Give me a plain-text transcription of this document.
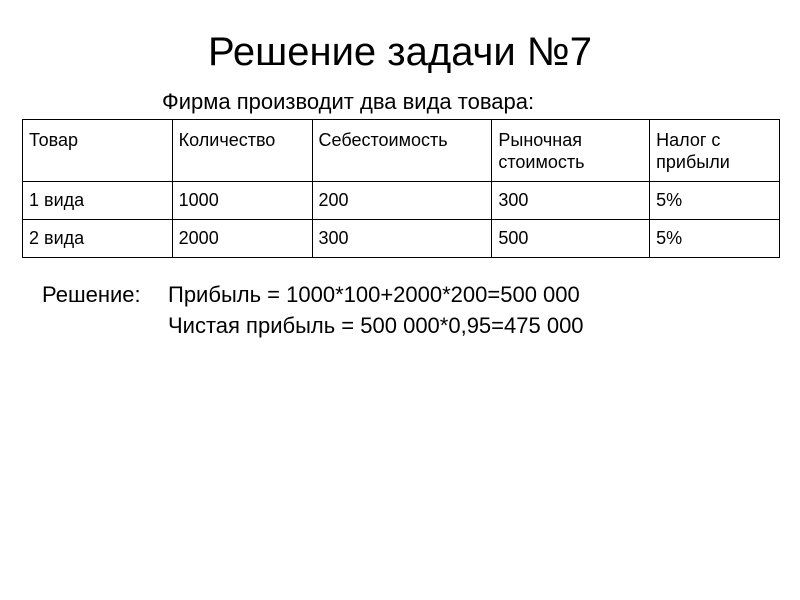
Решение задачи №7
Фирма производит два вида товара:
Товар	Количество	Себестоимость	Рыночная стоимость	Налог с прибыли
1 вида	1000	200	300	5%
2 вида	2000	300	500	5%
Решение: Прибыль = 1000*100+2000*200=500 000
Чистая прибыль = 500 000*0,95=475 000
